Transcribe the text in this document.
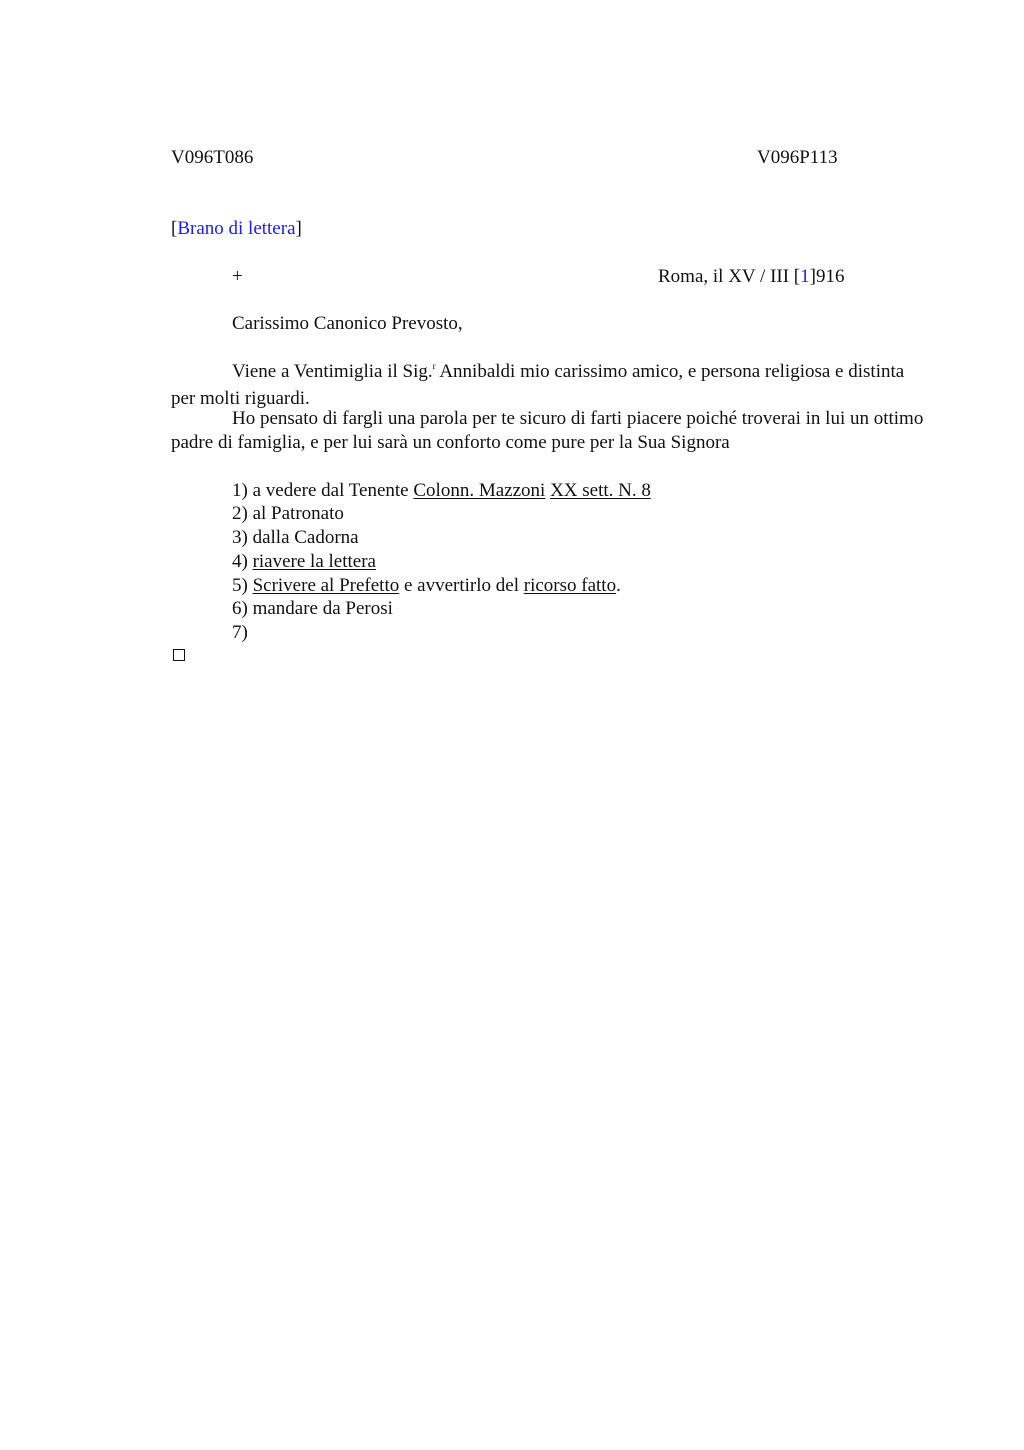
V096T086	V096P113
[Brano di lettera]
+	Roma, il XV / III [1]916
Carissimo Canonico Prevosto,
Viene a Ventimiglia il Sig.$^r$ Annibaldi mio carissimo amico, e persona religiosa e distinta per molti riguardi.
Ho pensato di fargli una parola per te sicuro di farti piacere poiché troverai in lui un ottimo padre di famiglia, e per lui sarà un conforto come pure per la Sua Signora
1) a vedere dal Tenente Colonn. Mazzoni XX sett. N. 8
2) al Patronato
3) dalla Cadorna
4) riavere la lettera
5) Scrivere al Prefetto e avvertirlo del ricorso fatto.
6) mandare da Perosi
7)
